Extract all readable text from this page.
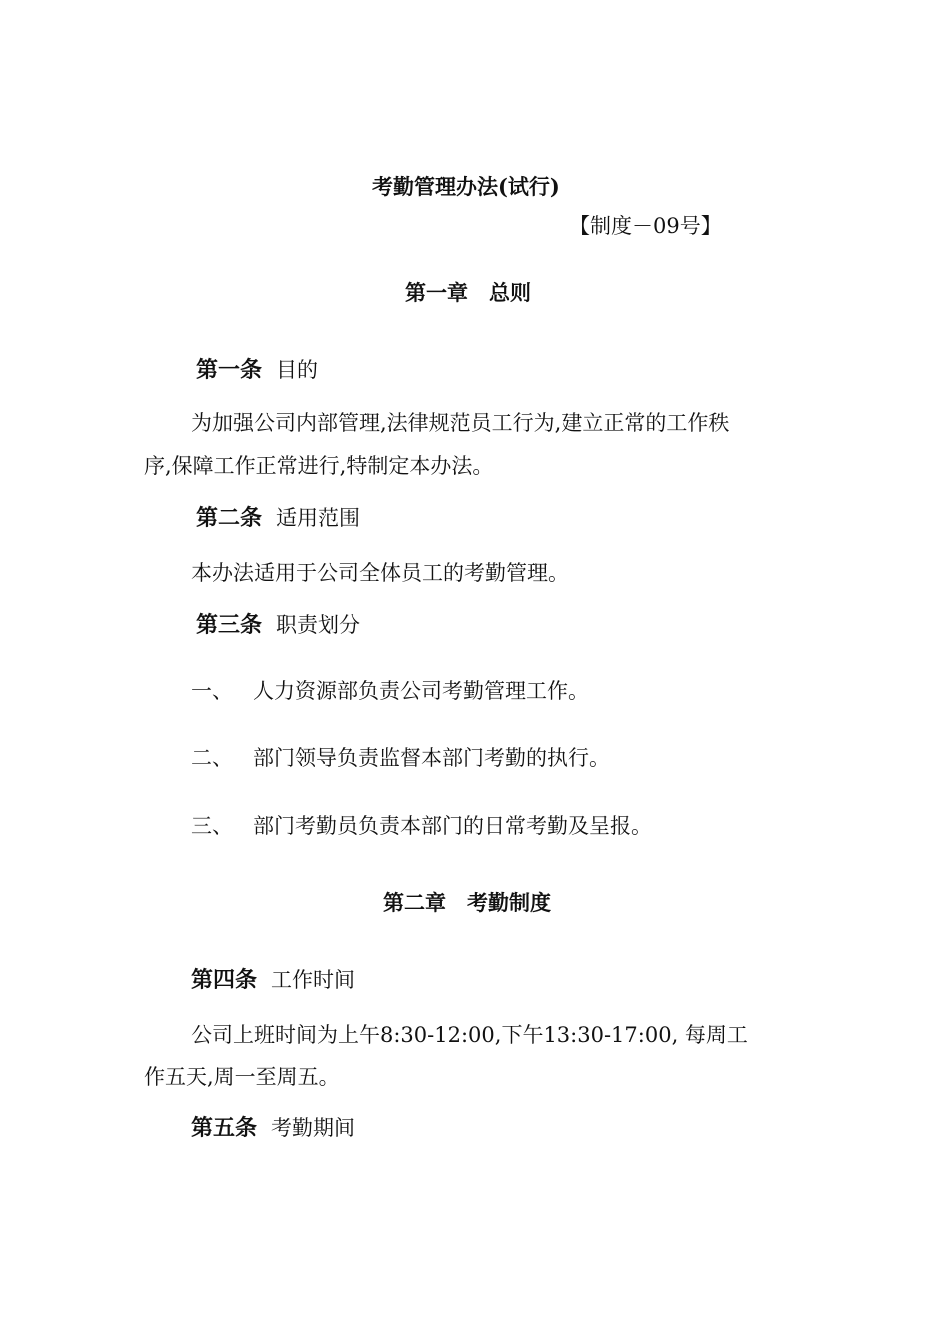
考勤管理办法(试行)
【制度－09号】
第一章　总则
第一条 目的
为加强公司内部管理,法律规范员工行为,建立正常的工作秩
序,保障工作正常进行,特制定本办法。
第二条 适用范围
本办法适用于公司全体员工的考勤管理。
第三条 职责划分
一、 人力资源部负责公司考勤管理工作。
二、 部门领导负责监督本部门考勤的执行。
三、 部门考勤员负责本部门的日常考勤及呈报。
第二章　考勤制度
第四条 工作时间
公司上班时间为上午8:30-12:00,下午13:30-17:00, 每周工
作五天,周一至周五。
第五条 考勤期间
